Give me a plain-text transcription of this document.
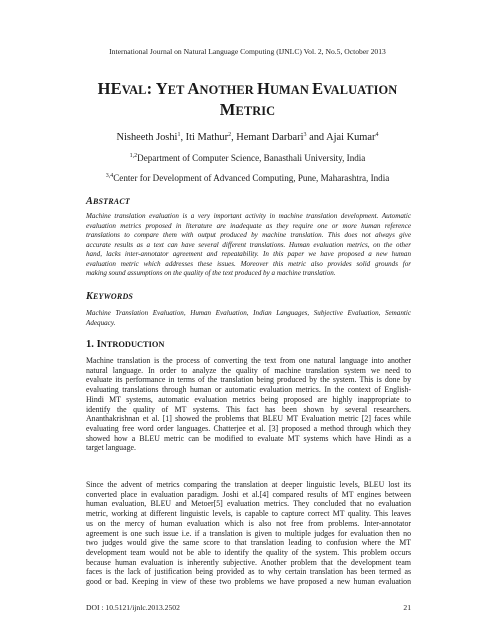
International Journal on Natural Language Computing (IJNLC) Vol. 2, No.5, October 2013
HEVAL: YET ANOTHER HUMAN EVALUATION
METRIC
Nisheeth Joshi$^1$, Iti Mathur$^2$, Hemant Darbari$^3$ and Ajai Kumar$^4$
$^{1,2}$Department of Computer Science, Banasthali University, India
$^{3,4}$Center for Development of Advanced Computing, Pune, Maharashtra, India
ABSTRACT
Machine translation evaluation is a very important activity in machine translation development. Automatic
evaluation metrics proposed in literature are inadequate as they require one or more human reference
translations to compare them with output produced by machine translation. This does not always give
accurate results as a text can have several different translations. Human evaluation metrics, on the other
hand, lacks inter-annotator agreement and repeatability. In this paper we have proposed a new human
evaluation metric which addresses these issues. Moreover this metric also provides solid grounds for
making sound assumptions on the quality of the text produced by a machine translation.
KEYWORDS
Machine Translation Evaluation, Human Evaluation, Indian Languages, Subjective Evaluation, Semantic
Adequacy.
1. INTRODUCTION
Machine translation is the process of converting the text from one natural language into another
natural language. In order to analyze the quality of machine translation system we need to
evaluate its performance in terms of the translation being produced by the system. This is done by
evaluating translations through human or automatic evaluation metrics. In the context of English-
Hindi MT systems, automatic evaluation metrics being proposed are highly inappropriate to
identify the quality of MT systems. This fact has been shown by several researchers.
Ananthakrishnan et al. [1] showed the problems that BLEU MT Evaluation metric [2] faces while
evaluating free word order languages. Chatterjee et al. [3] proposed a method through which they
showed how a BLEU metric can be modified to evaluate MT systems which have Hindi as a
target language.
Since the advent of metrics comparing the translation at deeper linguistic levels, BLEU lost its
converted place in evaluation paradigm. Joshi et al.[4] compared results of MT engines between
human evaluation, BLEU and Metoer[5] evaluation metrics. They concluded that no evaluation
metric, working at different linguistic levels, is capable to capture correct MT quality. This leaves
us on the mercy of human evaluation which is also not free from problems. Inter-annotator
agreement is one such issue i.e. if a translation is given to multiple judges for evaluation then no
two judges would give the same score to that translation leading to confusion where the MT
development team would not be able to identify the quality of the system. This problem occurs
because human evaluation is inherently subjective. Another problem that the development team
faces is the lack of justification being provided as to why certain translation has been termed as
good or bad. Keeping in view of these two problems we have proposed a new human evaluation
DOI : 10.5121/ijnlc.2013.2502	21
